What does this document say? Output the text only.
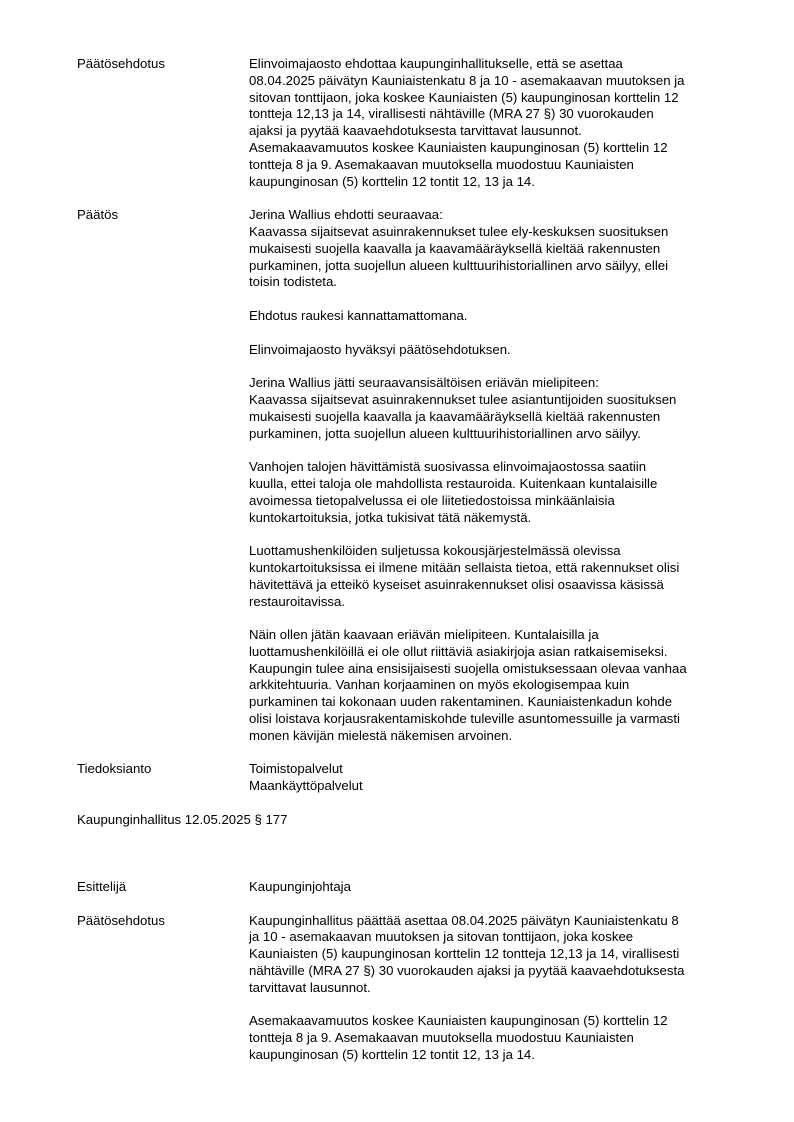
Päätösehdotus	Elinvoimajaosto ehdottaa kaupunginhallitukselle, että se asettaa
08.04.2025 päivätyn Kauniaistenkatu 8 ja 10 - asemakaavan muutoksen ja
sitovan tonttijaon, joka koskee Kauniaisten (5) kaupunginosan korttelin 12
tontteja 12,13 ja 14, virallisesti nähtäville (MRA 27 §) 30 vuorokauden
ajaksi ja pyytää kaavaehdotuksesta tarvittavat lausunnot.
Asemakaavamuutos koskee Kauniaisten kaupunginosan (5) korttelin 12
tontteja 8 ja 9. Asemakaavan muutoksella muodostuu Kauniaisten
kaupunginosan (5) korttelin 12 tontit 12, 13 ja 14.
Päätös	Jerina Wallius ehdotti seuraavaa:
Kaavassa sijaitsevat asuinrakennukset tulee ely-keskuksen suosituksen
mukaisesti suojella kaavalla ja kaavamääräyksellä kieltää rakennusten
purkaminen, jotta suojellun alueen kulttuurihistoriallinen arvo säilyy, ellei
toisin todisteta.
Ehdotus raukesi kannattamattomana.
Elinvoimajaosto hyväksyi päätösehdotuksen.
Jerina Wallius jätti seuraavansisältöisen eriävän mielipiteen:
Kaavassa sijaitsevat asuinrakennukset tulee asiantuntijoiden suosituksen
mukaisesti suojella kaavalla ja kaavamääräyksellä kieltää rakennusten
purkaminen, jotta suojellun alueen kulttuurihistoriallinen arvo säilyy.
Vanhojen talojen hävittämistä suosivassa elinvoimajaostossa saatiin
kuulla, ettei taloja ole mahdollista restauroida. Kuitenkaan kuntalaisille
avoimessa tietopalvelussa ei ole liitetiedostoissa minkäänlaisia
kuntokartoituksia, jotka tukisivat tätä näkemystä.
Luottamushenkilöiden suljetussa kokousjärjestelmässä olevissa
kuntokartoituksissa ei ilmene mitään sellaista tietoa, että rakennukset olisi
hävitettävä ja etteikö kyseiset asuinrakennukset olisi osaavissa käsissä
restauroitavissa.
Näin ollen jätän kaavaan eriävän mielipiteen. Kuntalaisilla ja
luottamushenkilöillä ei ole ollut riittäviä asiakirjoja asian ratkaisemiseksi.
Kaupungin tulee aina ensisijaisesti suojella omistuksessaan olevaa vanhaa
arkkitehtuuria. Vanhan korjaaminen on myös ekologisempaa kuin
purkaminen tai kokonaan uuden rakentaminen. Kauniaistenkadun kohde
olisi loistava korjausrakentamiskohde tuleville asuntomessuille ja varmasti
monen kävijän mielestä näkemisen arvoinen.
Tiedoksianto	Toimistopalvelut
Maankäyttöpalvelut
Kaupunginhallitus 12.05.2025 § 177
Esittelijä	Kaupunginjohtaja
Päätösehdotus	Kaupunginhallitus päättää asettaa 08.04.2025 päivätyn Kauniaistenkatu 8
ja 10 - asemakaavan muutoksen ja sitovan tonttijaon, joka koskee
Kauniaisten (5) kaupunginosan korttelin 12 tontteja 12,13 ja 14, virallisesti
nähtäville (MRA 27 §) 30 vuorokauden ajaksi ja pyytää kaavaehdotuksesta
tarvittavat lausunnot.
Asemakaavamuutos koskee Kauniaisten kaupunginosan (5) korttelin 12
tontteja 8 ja 9. Asemakaavan muutoksella muodostuu Kauniaisten
kaupunginosan (5) korttelin 12 tontit 12, 13 ja 14.
